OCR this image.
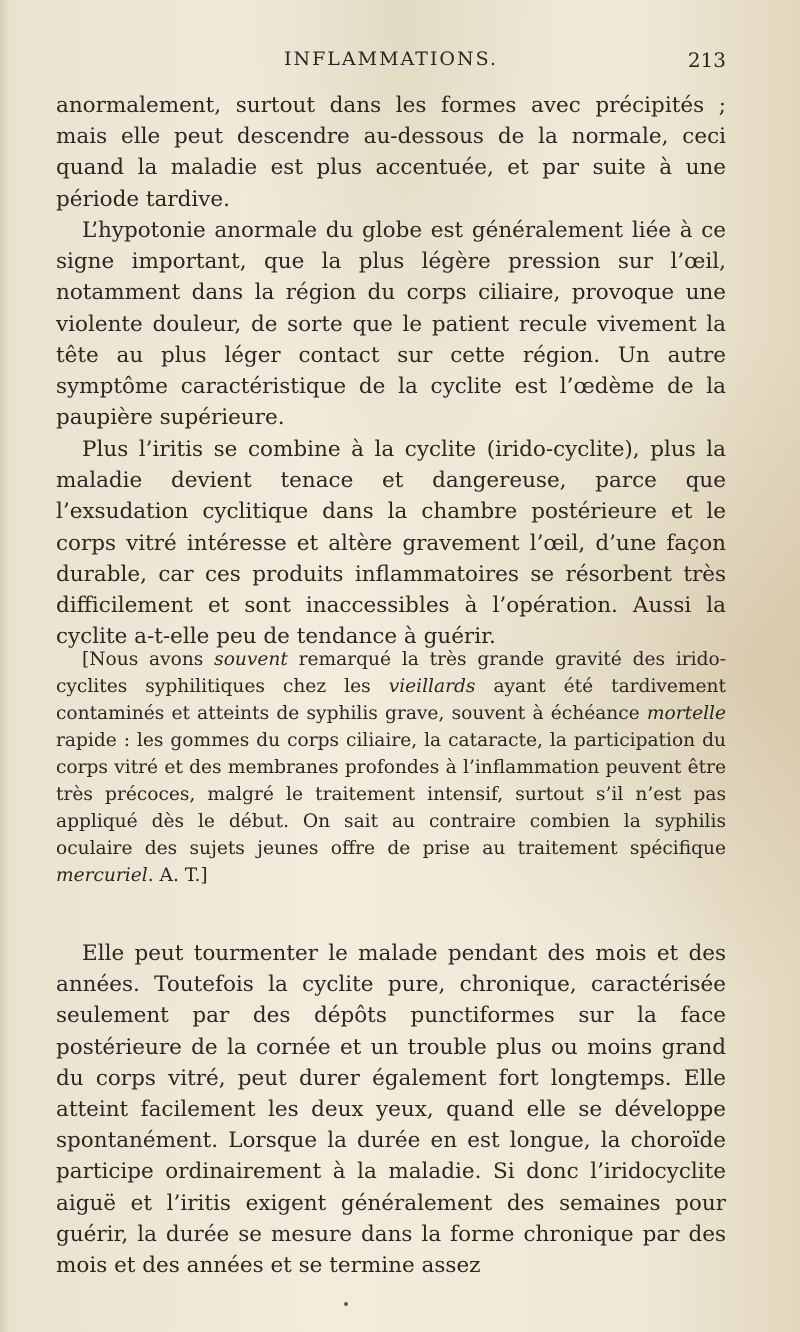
INFLAMMATIONS.	213

anormalement, surtout dans les formes avec précipités ; mais elle peut descendre au-dessous de la normale, ceci quand la maladie est plus accentuée, et par suite à une période tardive.

L’hypotonie anormale du globe est généralement liée à ce signe important, que la plus légère pression sur l’œil, notamment dans la région du corps ciliaire, provoque une violente douleur, de sorte que le patient recule vivement la tête au plus léger contact sur cette région. Un autre symptôme caractéristique de la cyclite est l’œdème de la paupière supérieure.

Plus l’iritis se combine à la cyclite (irido-cyclite), plus la maladie devient tenace et dangereuse, parce que l’exsudation cyclitique dans la chambre postérieure et le corps vitré intéresse et altère gravement l’œil, d’une façon durable, car ces produits inflammatoires se résorbent très difficilement et sont inaccessibles à l’opération. Aussi la cyclite a-t-elle peu de tendance à guérir.

[Nous avons souvent remarqué la très grande gravité des irido-cyclites syphilitiques chez les vieillards ayant été tardivement contaminés et atteints de syphilis grave, souvent à échéance mortelle rapide : les gommes du corps ciliaire, la cataracte, la participation du corps vitré et des membranes profondes à l’inflammation peuvent être très précoces, malgré le traitement intensif, surtout s’il n’est pas appliqué dès le début. On sait au contraire combien la syphilis oculaire des sujets jeunes offre de prise au traitement spécifique mercuriel. A. T.]

Elle peut tourmenter le malade pendant des mois et des années. Toutefois la cyclite pure, chronique, caractérisée seulement par des dépôts punctiformes sur la face postérieure de la cornée et un trouble plus ou moins grand du corps vitré, peut durer également fort longtemps. Elle atteint facilement les deux yeux, quand elle se développe spontanément. Lorsque la durée en est longue, la choroïde participe ordinairement à la maladie. Si donc l’iridocyclite aiguë et l’iritis exigent généralement des semaines pour guérir, la durée se mesure dans la forme chronique par des mois et des années et se termine assez
